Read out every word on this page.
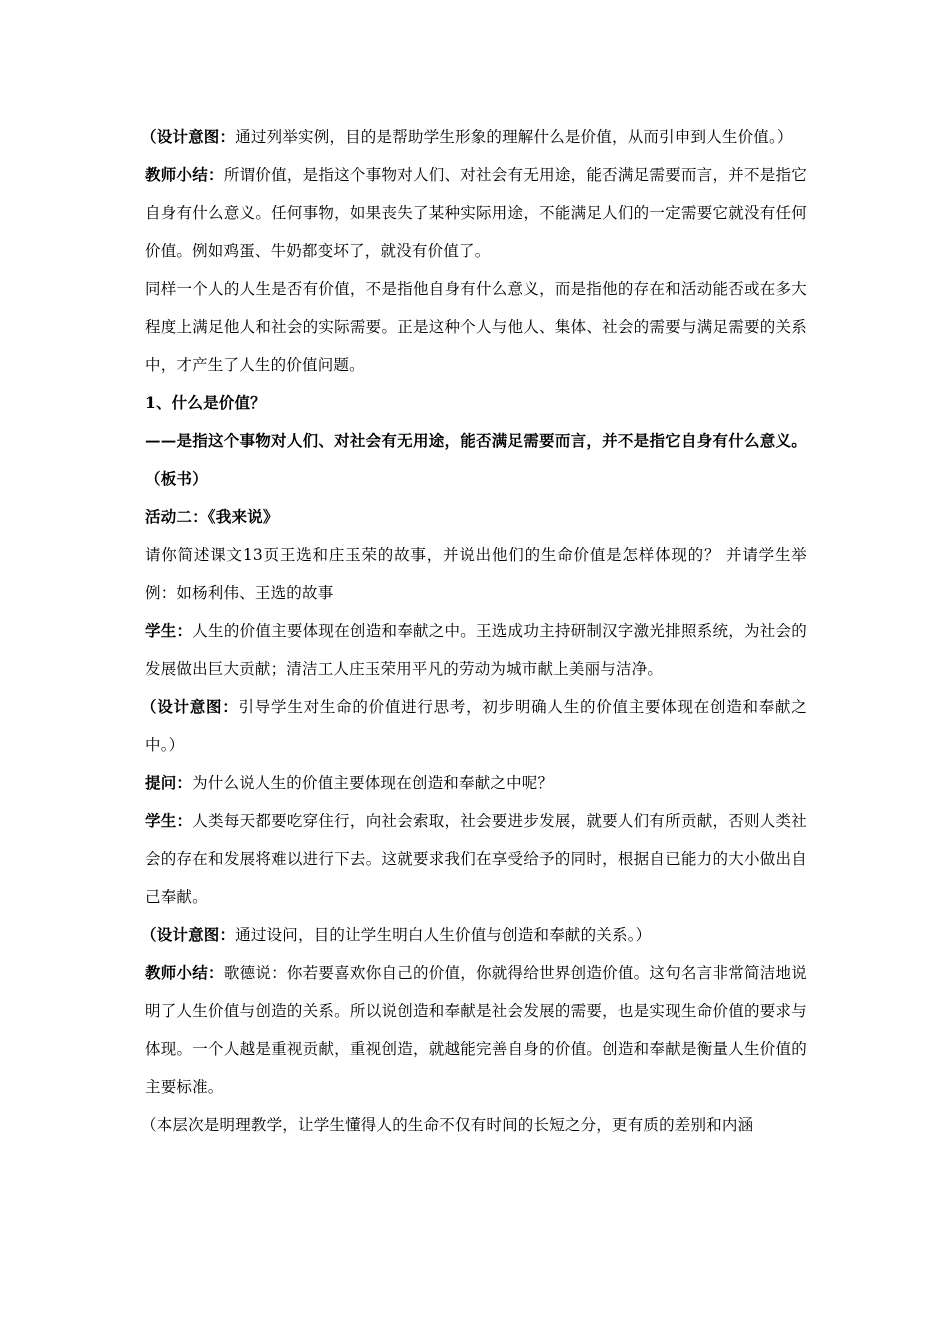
（设计意图：通过列举实例，目的是帮助学生形象的理解什么是价值，从而引申到人生价值。）

教师小结：所谓价值，是指这个事物对人们、对社会有无用途，能否满足需要而言，并不是指它自身有什么意义。任何事物，如果丧失了某种实际用途，不能满足人们的一定需要它就没有任何价值。例如鸡蛋、牛奶都变坏了，就没有价值了。

同样一个人的人生是否有价值，不是指他自身有什么意义，而是指他的存在和活动能否或在多大程度上满足他人和社会的实际需要。正是这种个人与他人、集体、社会的需要与满足需要的关系中，才产生了人生的价值问题。

1、什么是价值？

——是指这个事物对人们、对社会有无用途，能否满足需要而言，并不是指它自身有什么意义。（板书）

活动二：《我来说》

请你简述课文13页王选和庄玉荣的故事，并说出他们的生命价值是怎样体现的？ 并请学生举例：如杨利伟、王选的故事

学生：人生的价值主要体现在创造和奉献之中。王选成功主持研制汉字激光排照系统，为社会的发展做出巨大贡献；清洁工人庄玉荣用平凡的劳动为城市献上美丽与洁净。

（设计意图：引导学生对生命的价值进行思考，初步明确人生的价值主要体现在创造和奉献之中。）

提问：为什么说人生的价值主要体现在创造和奉献之中呢？

学生：人类每天都要吃穿住行，向社会索取，社会要进步发展，就要人们有所贡献，否则人类社会的存在和发展将难以进行下去。这就要求我们在享受给予的同时，根据自已能力的大小做出自己奉献。

（设计意图：通过设问，目的让学生明白人生价值与创造和奉献的关系。）

教师小结：歌德说：你若要喜欢你自己的价值，你就得给世界创造价值。这句名言非常简洁地说明了人生价值与创造的关系。所以说创造和奉献是社会发展的需要，也是实现生命价值的要求与体现。一个人越是重视贡献，重视创造，就越能完善自身的价值。创造和奉献是衡量人生价值的主要标准。

（本层次是明理教学，让学生懂得人的生命不仅有时间的长短之分，更有质的差别和内涵
